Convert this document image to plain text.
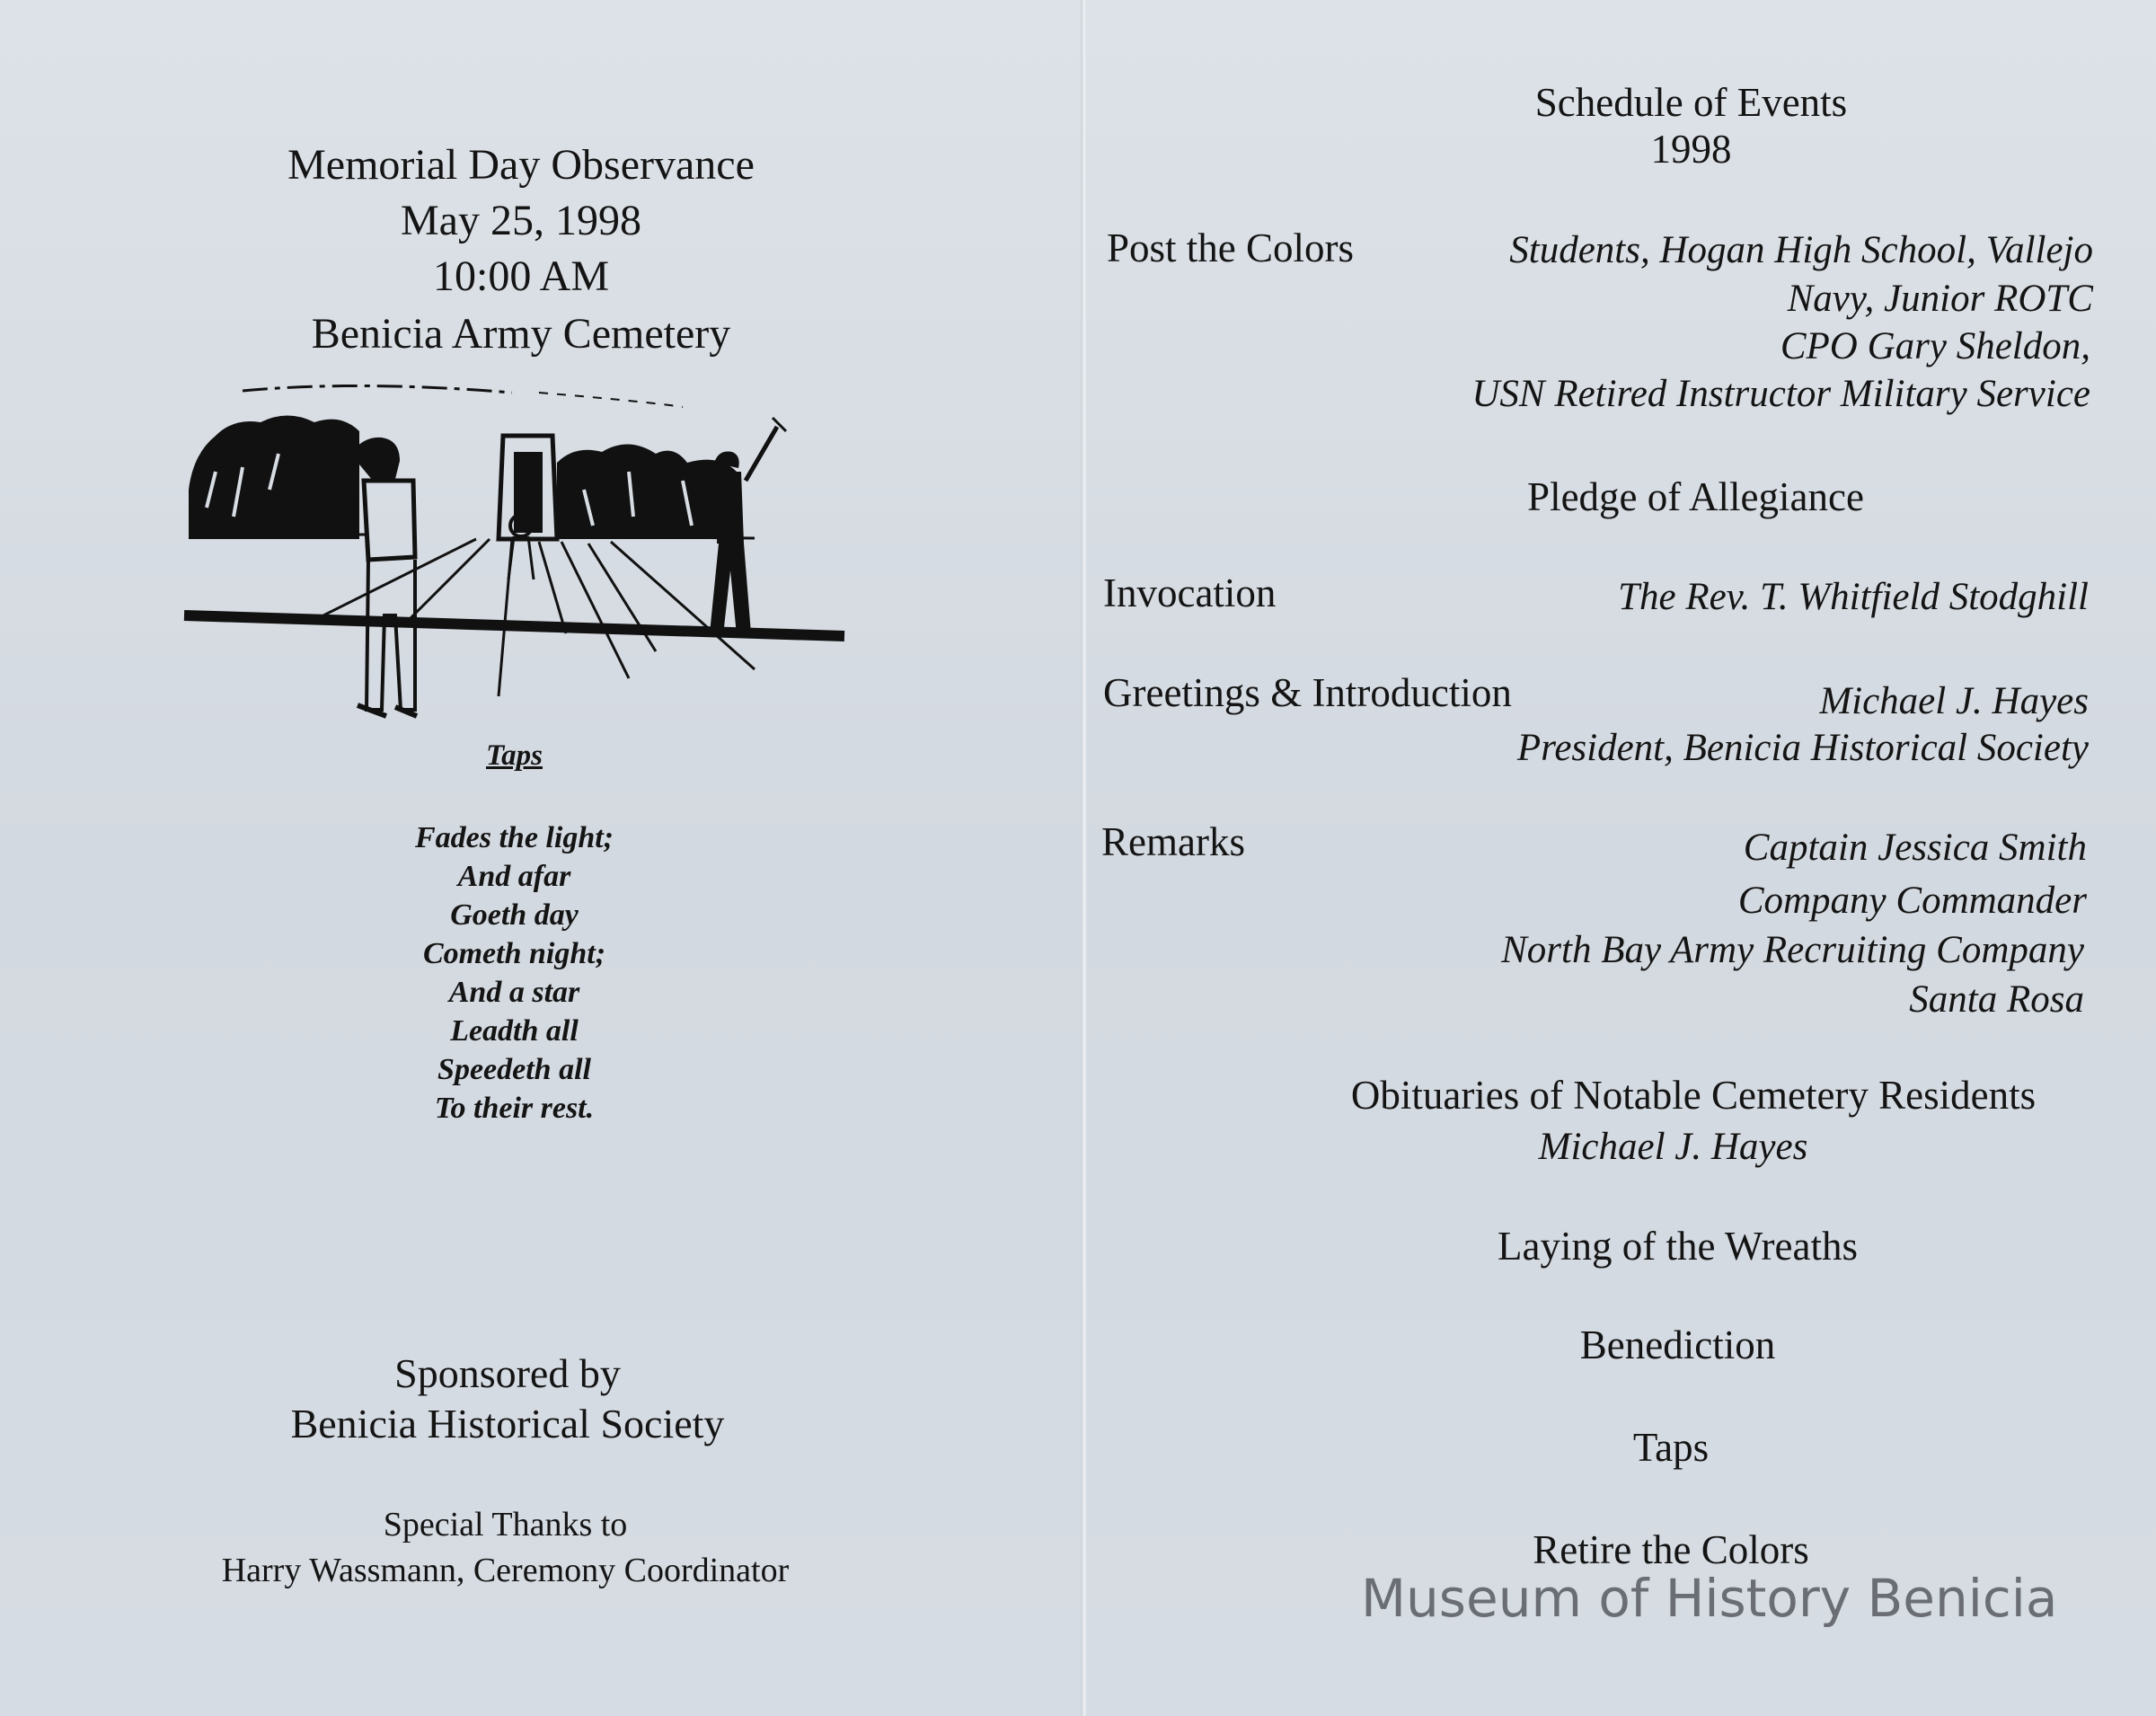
Memorial Day Observance
May 25, 1998
10:00 AM
Benicia Army Cemetery
Taps
Fades the light;
And afar
Goeth day
Cometh night;
And a star
Leadth all
Speedeth all
To their rest.
Sponsored by
Benicia Historical Society
Special Thanks to
Harry Wassmann, Ceremony Coordinator
Schedule of Events
1998
Post the Colors	Students, Hogan High School, Vallejo
Navy, Junior ROTC
CPO Gary Sheldon,
USN Retired Instructor Military Service
Pledge of Allegiance
Invocation	The Rev. T. Whitfield Stodghill
Greetings & Introduction	Michael J. Hayes
President, Benicia Historical Society
Remarks	Captain Jessica Smith
Company Commander
North Bay Army Recruiting Company
Santa Rosa
Obituaries of Notable Cemetery Residents
Michael J. Hayes
Laying of the Wreaths
Benediction
Taps
Retire the Colors
Museum of History Benicia
